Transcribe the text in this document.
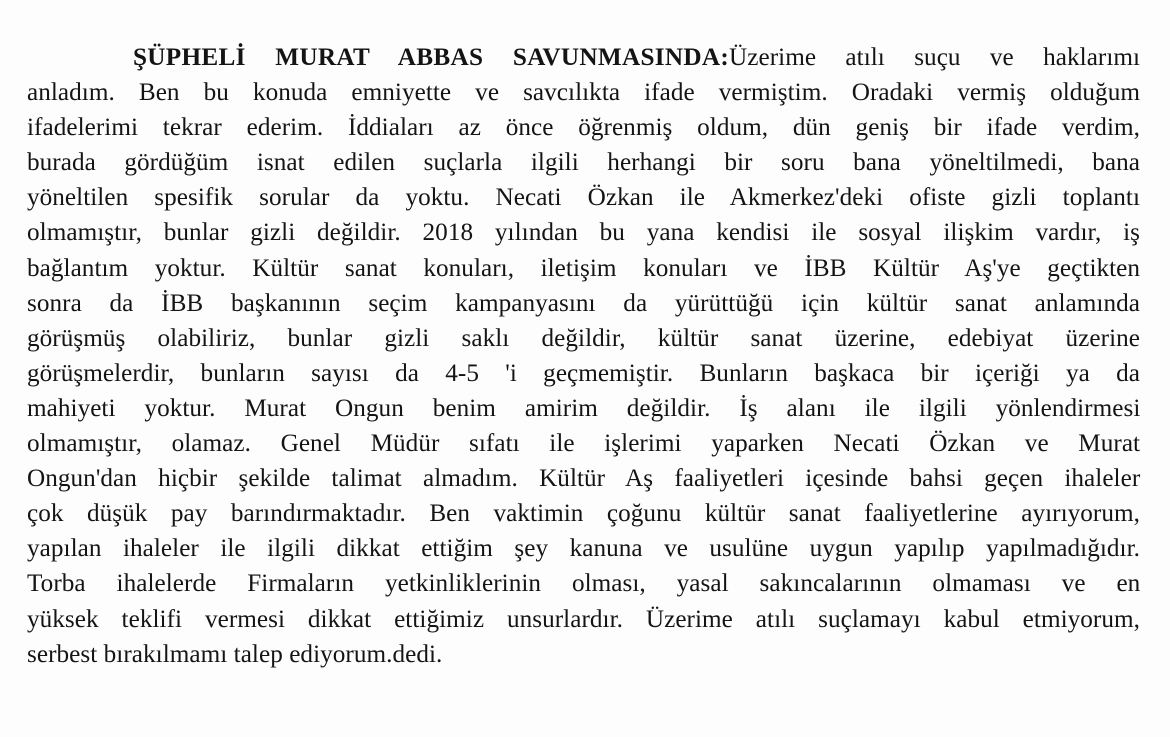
ŞÜPHELİ MURAT ABBAS SAVUNMASINDA:Üzerime atılı suçu ve haklarımı
anladım. Ben bu konuda emniyette ve savcılıkta ifade vermiştim. Oradaki vermiş olduğum
ifadelerimi tekrar ederim. İddiaları az önce öğrenmiş oldum, dün geniş bir ifade verdim,
burada gördüğüm isnat edilen suçlarla ilgili herhangi bir soru bana yöneltilmedi, bana
yöneltilen spesifik sorular da yoktu. Necati Özkan ile Akmerkez'deki ofiste gizli toplantı
olmamıştır, bunlar gizli değildir. 2018 yılından bu yana kendisi ile sosyal ilişkim vardır, iş
bağlantım yoktur. Kültür sanat konuları, iletişim konuları ve İBB Kültür Aş'ye geçtikten
sonra da İBB başkanının seçim kampanyasını da yürüttüğü için kültür sanat anlamında
görüşmüş olabiliriz, bunlar gizli saklı değildir, kültür sanat üzerine, edebiyat üzerine
görüşmelerdir, bunların sayısı da 4-5 'i geçmemiştir. Bunların başkaca bir içeriği ya da
mahiyeti yoktur. Murat Ongun benim amirim değildir. İş alanı ile ilgili yönlendirmesi
olmamıştır, olamaz. Genel Müdür sıfatı ile işlerimi yaparken Necati Özkan ve Murat
Ongun'dan hiçbir şekilde talimat almadım. Kültür Aş faaliyetleri içesinde bahsi geçen ihaleler
çok düşük pay barındırmaktadır. Ben vaktimin çoğunu kültür sanat faaliyetlerine ayırıyorum,
yapılan ihaleler ile ilgili dikkat ettiğim şey kanuna ve usulüne uygun yapılıp yapılmadığıdır.
Torba ihalelerde Firmaların yetkinliklerinin olması, yasal sakıncalarının olmaması ve en
yüksek teklifi vermesi dikkat ettiğimiz unsurlardır. Üzerime atılı suçlamayı kabul etmiyorum,
serbest bırakılmamı talep ediyorum.dedi.
